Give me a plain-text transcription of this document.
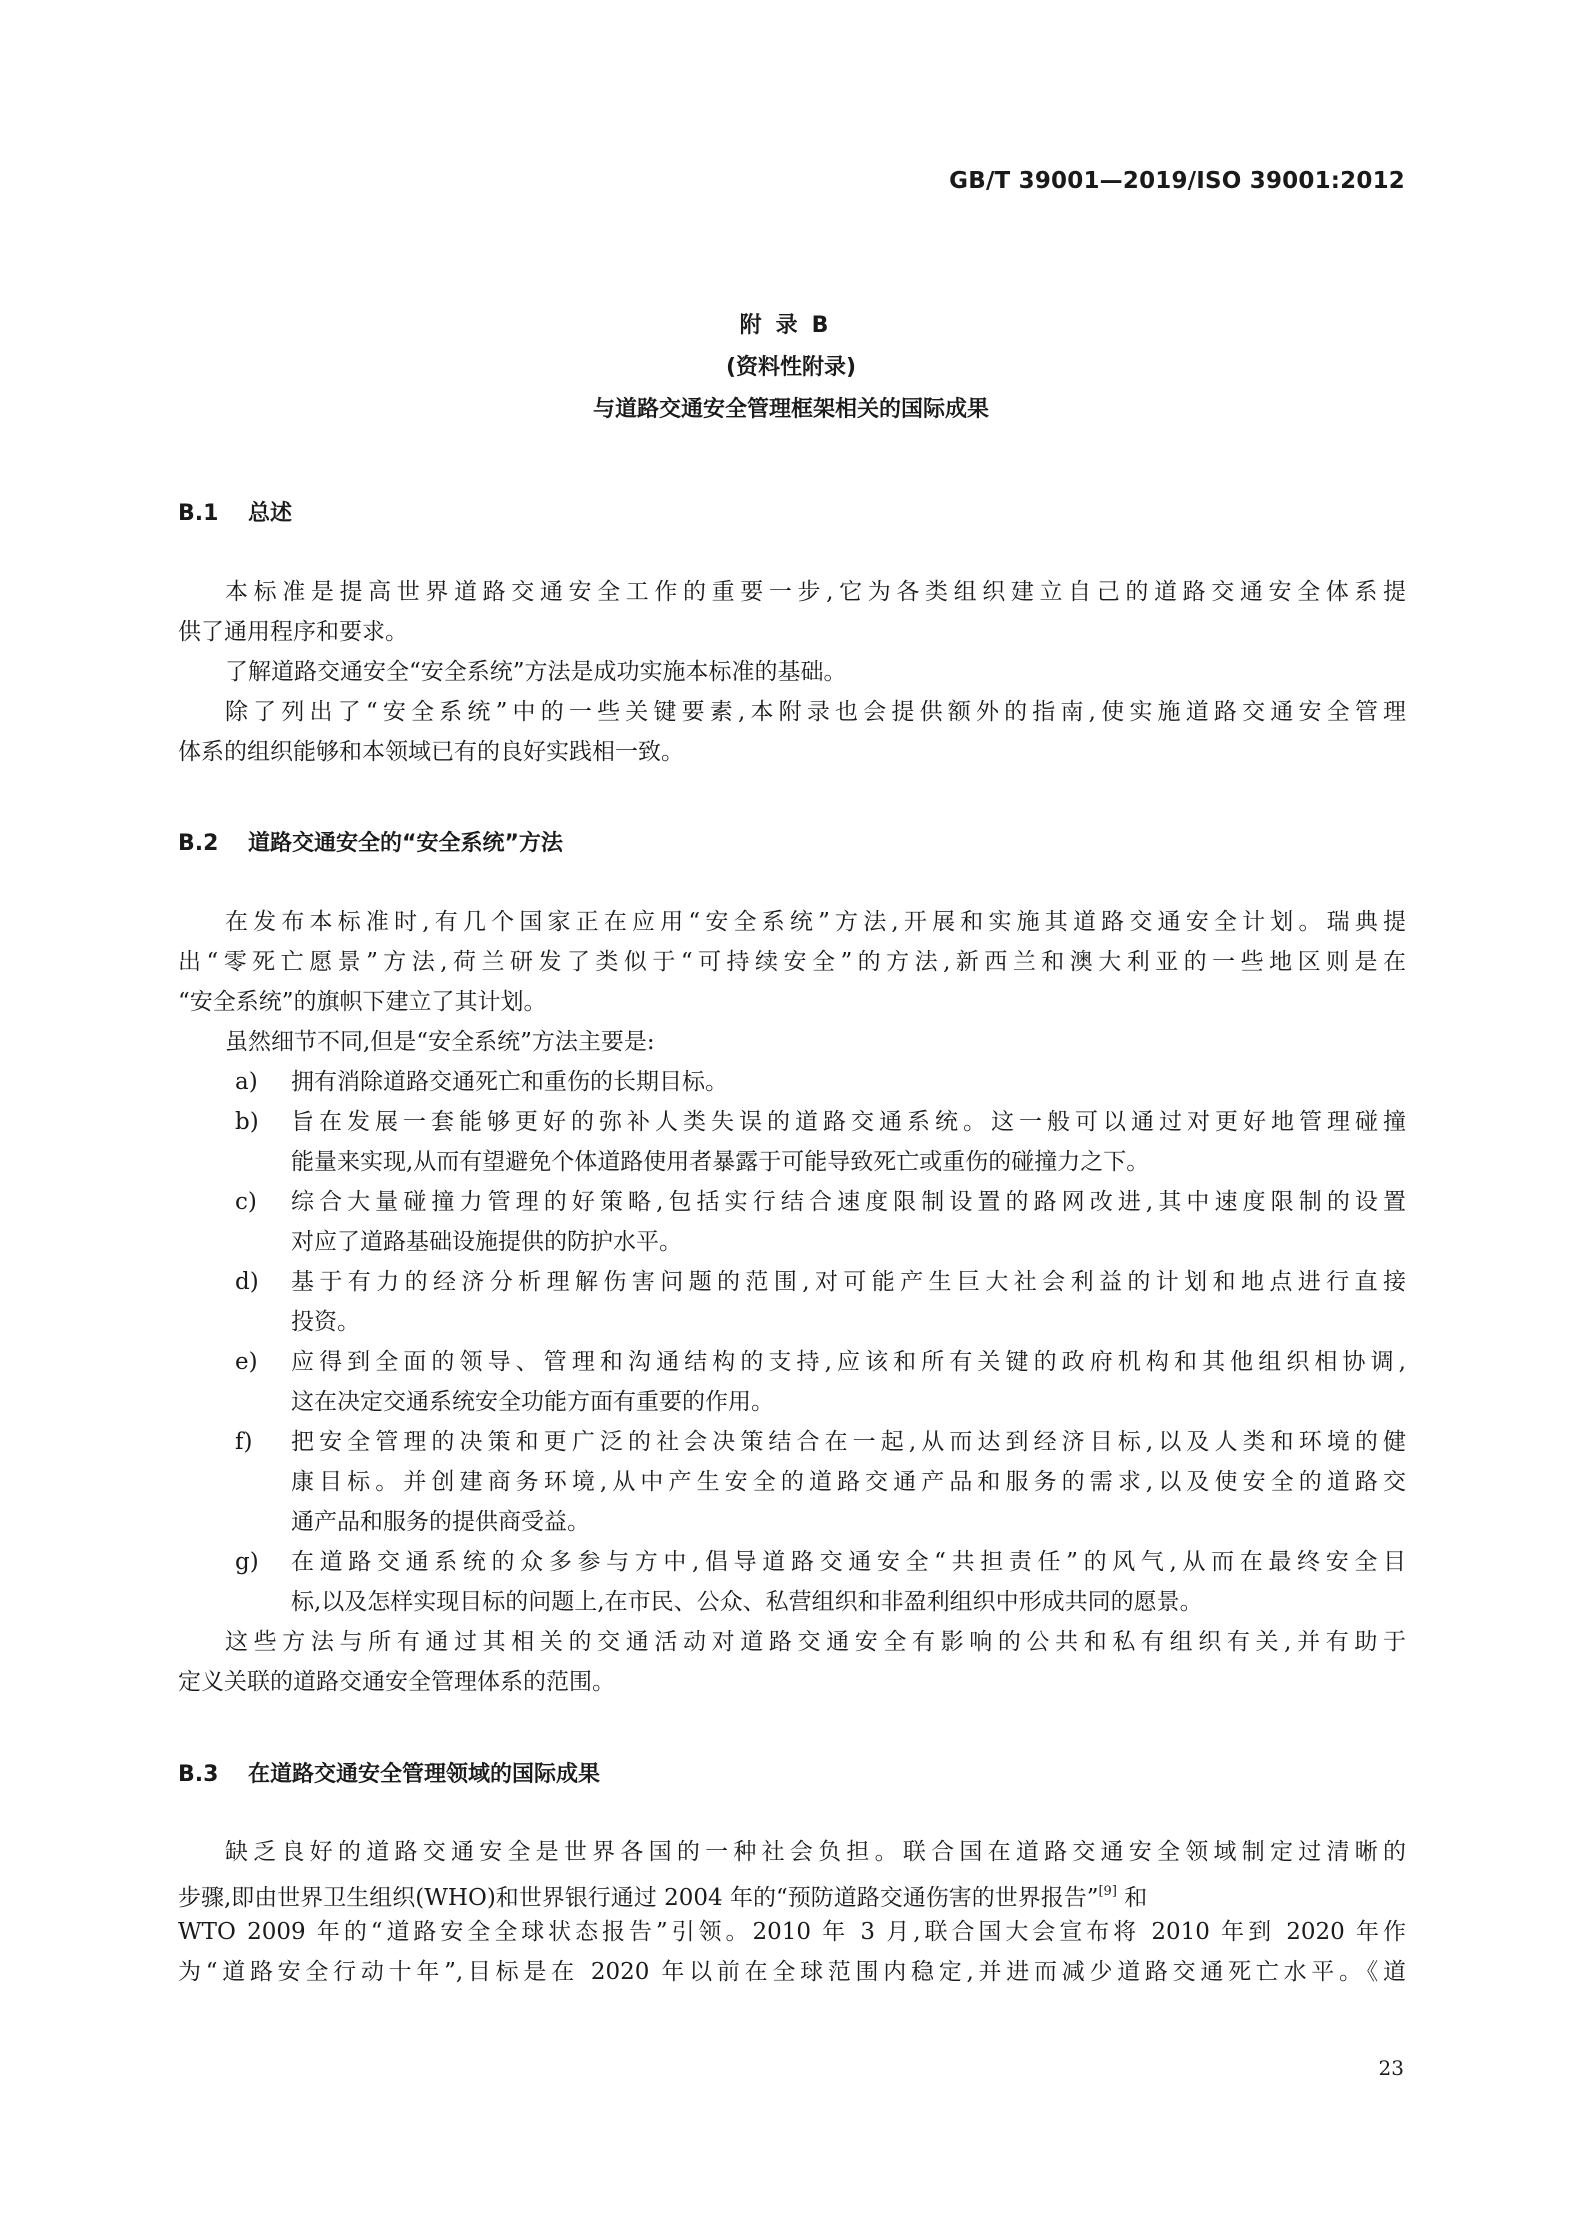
GB/T 39001—2019/ISO 39001:2012
附录B
(资料性附录)
与道路交通安全管理框架相关的国际成果
B.1 总述
本标准是提高世界道路交通安全工作的重要一步,它为各类组织建立自己的道路交通安全体系提
供了通用程序和要求。
了解道路交通安全“安全系统”方法是成功实施本标准的基础。
除了列出了“安全系统”中的一些关键要素,本附录也会提供额外的指南,使实施道路交通安全管理
体系的组织能够和本领域已有的良好实践相一致。
B.2 道路交通安全的“安全系统”方法
在发布本标准时,有几个国家正在应用“安全系统”方法,开展和实施其道路交通安全计划。瑞典提
出“零死亡愿景”方法,荷兰研发了类似于“可持续安全”的方法,新西兰和澳大利亚的一些地区则是在
“安全系统”的旗帜下建立了其计划。
虽然细节不同,但是“安全系统”方法主要是:
a)	拥有消除道路交通死亡和重伤的长期目标。
b)	旨在发展一套能够更好的弥补人类失误的道路交通系统。这一般可以通过对更好地管理碰撞
能量来实现,从而有望避免个体道路使用者暴露于可能导致死亡或重伤的碰撞力之下。
c)	综合大量碰撞力管理的好策略,包括实行结合速度限制设置的路网改进,其中速度限制的设置
对应了道路基础设施提供的防护水平。
d)	基于有力的经济分析理解伤害问题的范围,对可能产生巨大社会利益的计划和地点进行直接
投资。
e)	应得到全面的领导、管理和沟通结构的支持,应该和所有关键的政府机构和其他组织相协调,
这在决定交通系统安全功能方面有重要的作用。
f)	把安全管理的决策和更广泛的社会决策结合在一起,从而达到经济目标,以及人类和环境的健
康目标。并创建商务环境,从中产生安全的道路交通产品和服务的需求,以及使安全的道路交
通产品和服务的提供商受益。
g)	在道路交通系统的众多参与方中,倡导道路交通安全“共担责任”的风气,从而在最终安全目
标,以及怎样实现目标的问题上,在市民、公众、私营组织和非盈利组织中形成共同的愿景。
这些方法与所有通过其相关的交通活动对道路交通安全有影响的公共和私有组织有关,并有助于
定义关联的道路交通安全管理体系的范围。
B.3 在道路交通安全管理领域的国际成果
缺乏良好的道路交通安全是世界各国的一种社会负担。联合国在道路交通安全领域制定过清晰的
步骤,即由世界卫生组织(WHO)和世界银行通过 2004 年的“预防道路交通伤害的世界报告”[9] 和
WTO 2009 年的“道路安全全球状态报告”引领。2010 年 3 月,联合国大会宣布将 2010 年到 2020 年作
为“道路安全行动十年”,目标是在 2020 年以前在全球范围内稳定,并进而减少道路交通死亡水平。《道
23
